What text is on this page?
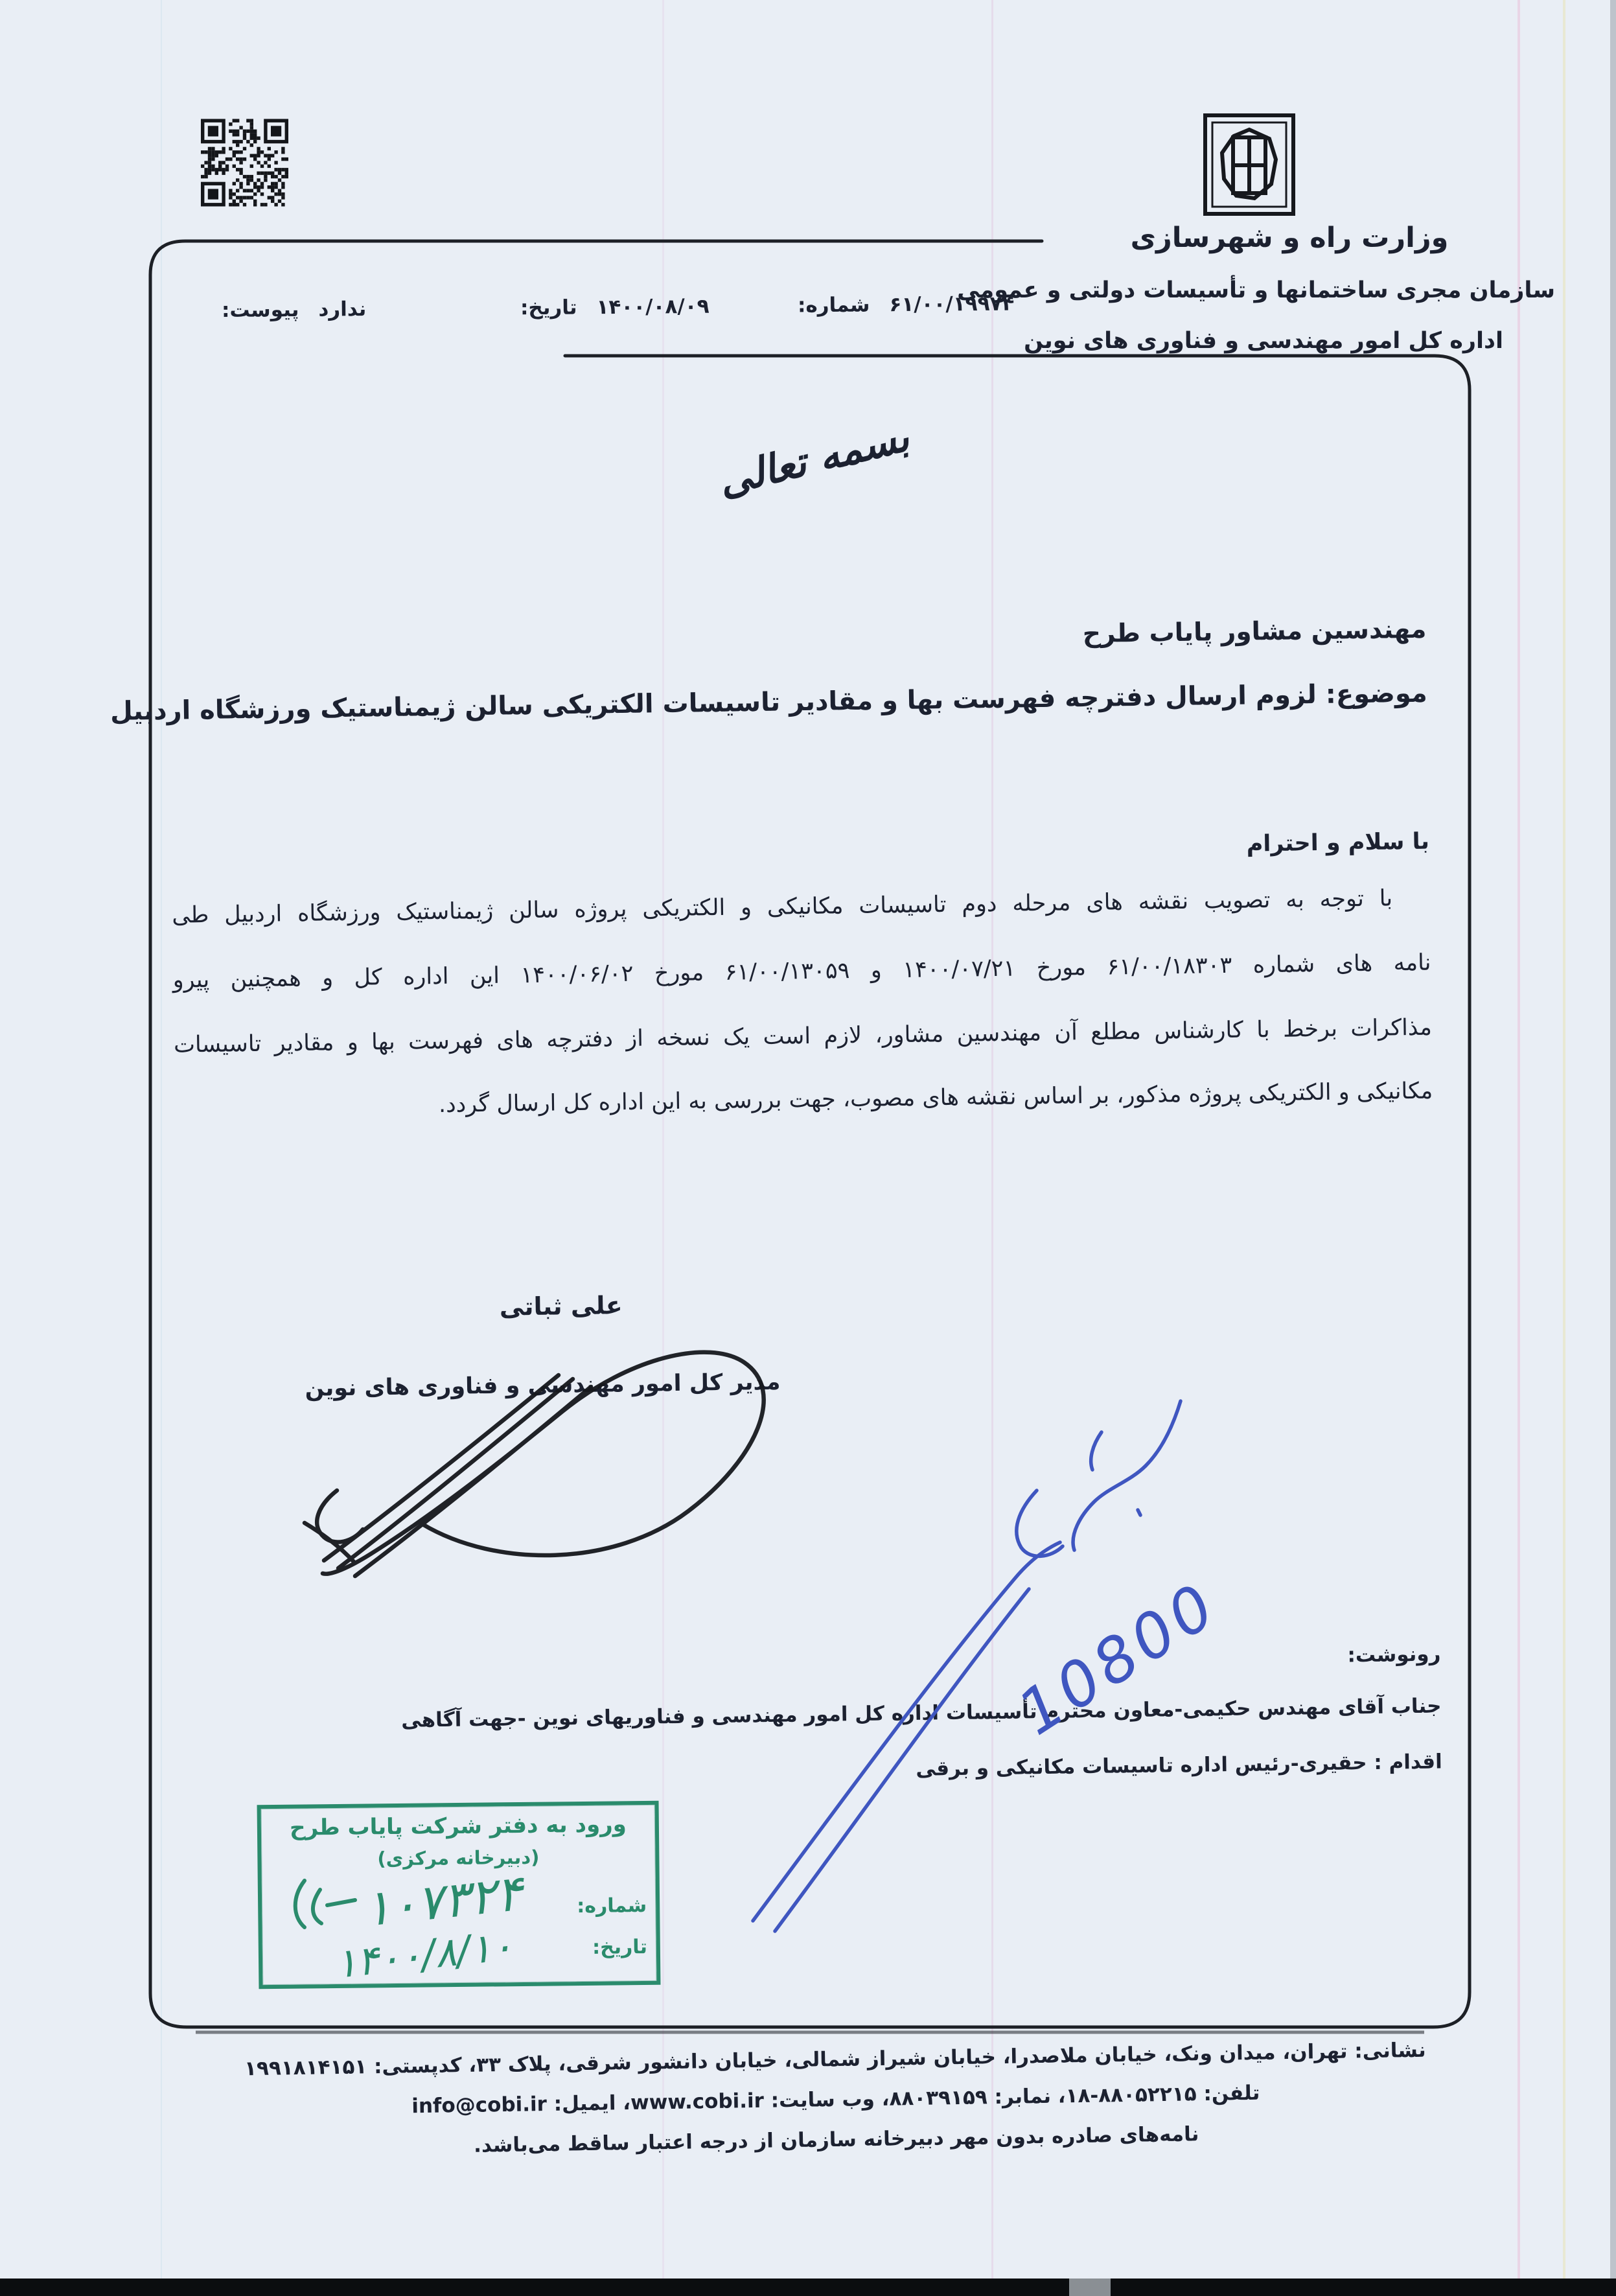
وزارت راه و شهرسازی
سازمان مجری ساختمانها و تأسیسات دولتی و عمومی
اداره کل امور مهندسی و فناوری های نوین
شماره: ۶۱/۰۰/۱۹۹۷۴
تاریخ: ۱۴۰۰/۰۸/۰۹
پیوست: ندارد
بسمه تعالی
مهندسین مشاور پایاب طرح
موضوع: لزوم ارسال دفترچه فهرست بها و مقادیر تاسیسات الکتریکی سالن ژیمناستیک ورزشگاه اردبیل
با سلام و احترام
با توجه به تصویب نقشه های مرحله دوم تاسیسات مکانیکی و الکتریکی پروژه سالن ژیمناستیک ورزشگاه اردبیل طی
نامه های شماره ۶۱/۰۰/۱۸۳۰۳ مورخ ۱۴۰۰/۰۷/۲۱ و ۶۱/۰۰/۱۳۰۵۹ مورخ ۱۴۰۰/۰۶/۰۲ این اداره کل و همچنین پیرو
مذاکرات برخط با کارشناس مطلع آن مهندسین مشاور، لازم است یک نسخه از دفترچه های فهرست بها و مقادیر تاسیسات
مکانیکی و الکتریکی پروژه مذکور، بر اساس نقشه های مصوب، جهت بررسی به این اداره کل ارسال گردد.
علی ثباتی
مدیر کل امور مهندسی و فناوری های نوین
رونوشت:
جناب آقای مهندس حکیمی-معاون محترم تأسیسات اداره کل امور مهندسی و فناوریهای نوین -جهت آگاهی
اقدام : حقیری-رئیس اداره تاسیسات مکانیکی و برقی
ورود به دفتر شرکت پایاب طرح
(دبیرخانه مرکزی)
شماره:
تاریخ:
10800
۱۰۷۳۲۴
۱۴۰۰/۸/۱۰
نشانی: تهران، میدان ونک، خیابان ملاصدرا، خیابان شیراز شمالی، خیابان دانشور شرقی، پلاک ۳۳، کدپستی: ۱۹۹۱۸۱۴۱۵۱
تلفن: ۸۸۰۵۲۲۱۵-۱۸، نمابر: ۸۸۰۳۹۱۵۹، وب سایت: www.cobi.ir، ایمیل: info@cobi.ir
نامه‌های صادره بدون مهر دبیرخانه سازمان از درجه اعتبار ساقط می‌باشد.
